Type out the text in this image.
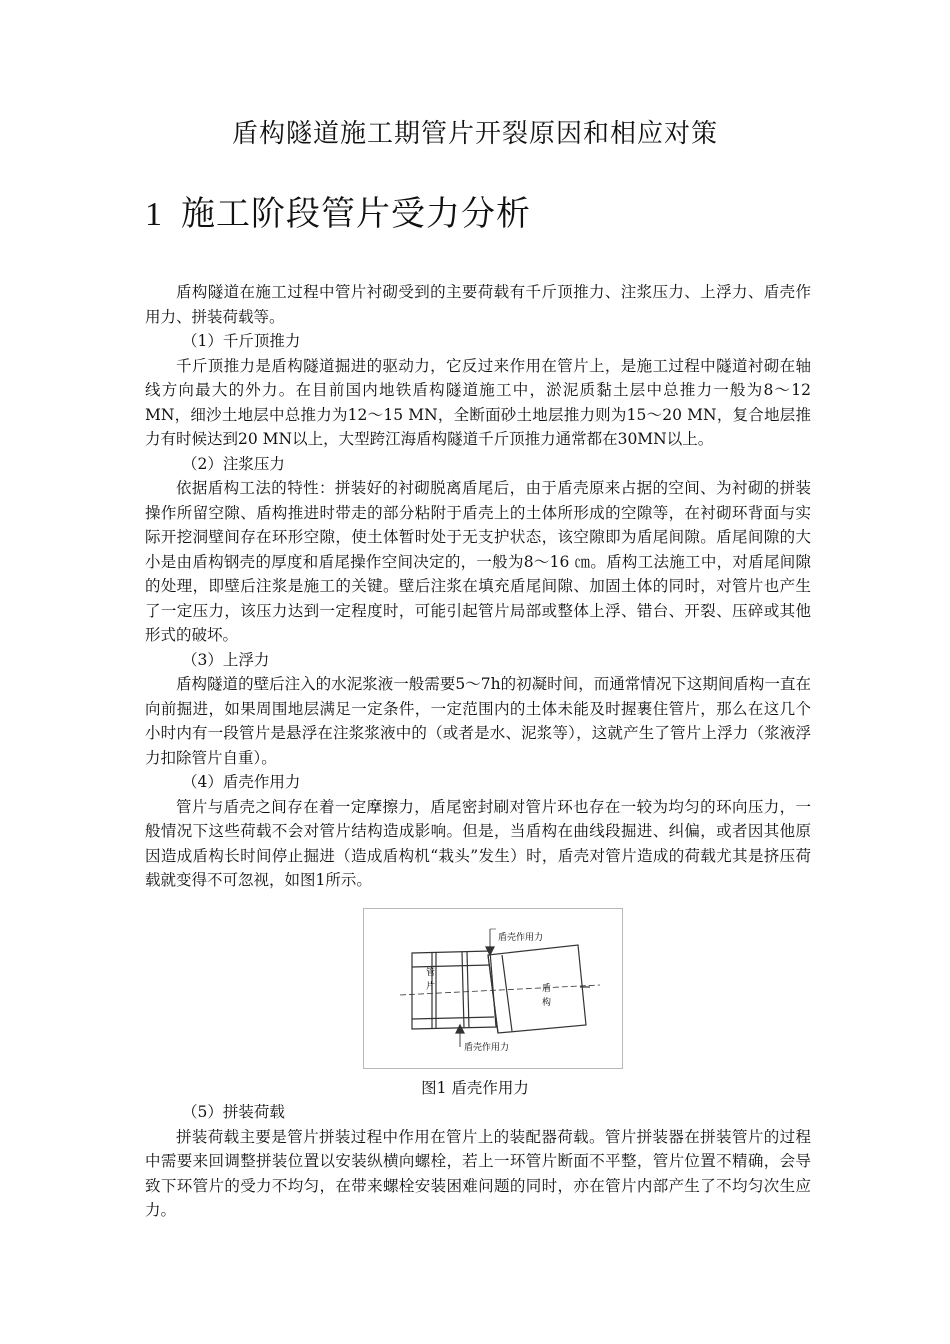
盾构隧道施工期管片开裂原因和相应对策
1 施工阶段管片受力分析

盾构隧道在施工过程中管片衬砌受到的主要荷载有千斤顶推力、注浆压力、上浮力、盾壳作用力、拼装荷载等。

（1）千斤顶推力

千斤顶推力是盾构隧道掘进的驱动力，它反过来作用在管片上，是施工过程中隧道衬砌在轴线方向最大的外力。在目前国内地铁盾构隧道施工中，淤泥质黏土层中总推力一般为8～12 MN，细沙土地层中总推力为12～15 MN，全断面砂土地层推力则为15～20 MN，复合地层推力有时候达到20 MN以上，大型跨江海盾构隧道千斤顶推力通常都在30MN以上。

（2）注浆压力

依据盾构工法的特性：拼装好的衬砌脱离盾尾后，由于盾壳原来占据的空间、为衬砌的拼装操作所留空隙、盾构推进时带走的部分粘附于盾壳上的土体所形成的空隙等，在衬砌环背面与实际开挖洞壁间存在环形空隙，使土体暂时处于无支护状态，该空隙即为盾尾间隙。盾尾间隙的大小是由盾构钢壳的厚度和盾尾操作空间决定的，一般为8～16 ㎝。盾构工法施工中，对盾尾间隙的处理，即壁后注浆是施工的关键。壁后注浆在填充盾尾间隙、加固土体的同时，对管片也产生了一定压力，该压力达到一定程度时，可能引起管片局部或整体上浮、错台、开裂、压碎或其他形式的破坏。

（3）上浮力

盾构隧道的壁后注入的水泥浆液一般需要5～7h的初凝时间，而通常情况下这期间盾构一直在向前掘进，如果周围地层满足一定条件，一定范围内的土体未能及时握裹住管片，那么在这几个小时内有一段管片是悬浮在注浆浆液中的（或者是水、泥浆等），这就产生了管片上浮力（浆液浮力扣除管片自重）。

（4）盾壳作用力

管片与盾壳之间存在着一定摩擦力，盾尾密封刷对管片环也存在一较为均匀的环向压力，一般情况下这些荷载不会对管片结构造成影响。但是，当盾构在曲线段掘进、纠偏，或者因其他原因造成盾构长时间停止掘进（造成盾构机“栽头”发生）时，盾壳对管片造成的荷载尤其是挤压荷载就变得不可忽视，如图1所示。

盾壳作用力
盾壳作用力
管
片	盾
构
图1 盾壳作用力

（5）拼装荷载

拼装荷载主要是管片拼装过程中作用在管片上的装配器荷载。管片拼装器在拼装管片的过程中需要来回调整拼装位置以安装纵横向螺栓，若上一环管片断面不平整，管片位置不精确，会导致下环管片的受力不均匀，在带来螺栓安装困难问题的同时，亦在管片内部产生了不均匀次生应力。
